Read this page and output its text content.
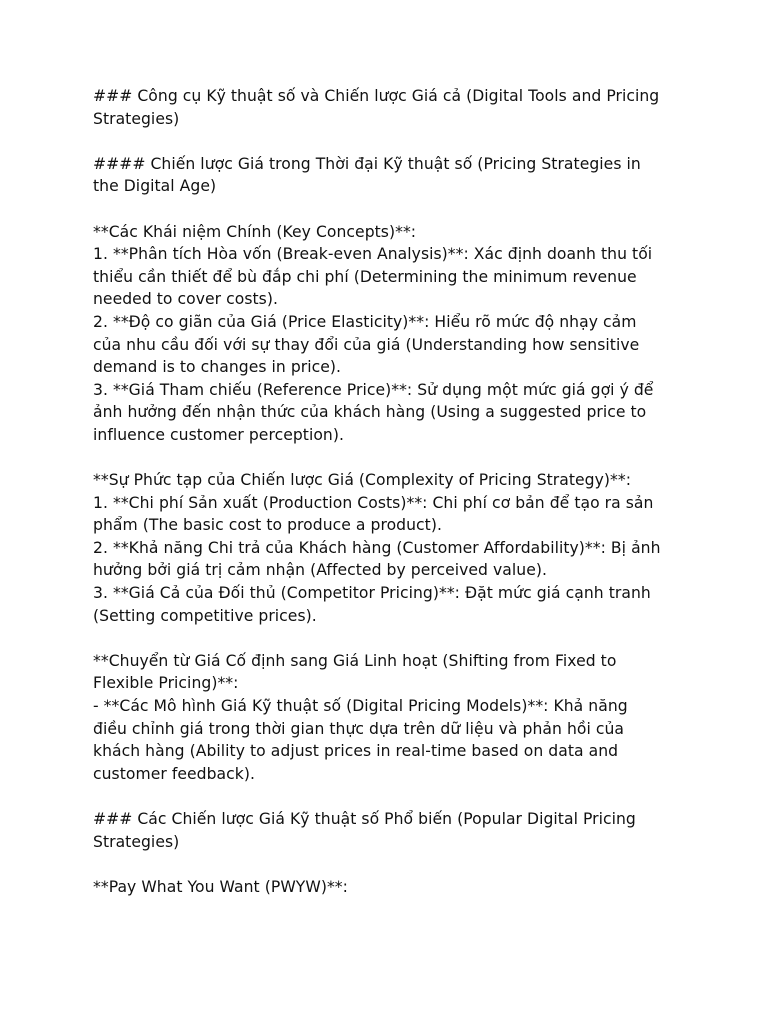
### Công cụ Kỹ thuật số và Chiến lược Giá cả (Digital Tools and Pricing
Strategies)
#### Chiến lược Giá trong Thời đại Kỹ thuật số (Pricing Strategies in
the Digital Age)
**Các Khái niệm Chính (Key Concepts)**:
1. **Phân tích Hòa vốn (Break-even Analysis)**: Xác định doanh thu tối
thiểu cần thiết để bù đắp chi phí (Determining the minimum revenue
needed to cover costs).
2. **Độ co giãn của Giá (Price Elasticity)**: Hiểu rõ mức độ nhạy cảm
của nhu cầu đối với sự thay đổi của giá (Understanding how sensitive
demand is to changes in price).
3. **Giá Tham chiếu (Reference Price)**: Sử dụng một mức giá gợi ý để
ảnh hưởng đến nhận thức của khách hàng (Using a suggested price to
influence customer perception).
**Sự Phức tạp của Chiến lược Giá (Complexity of Pricing Strategy)**:
1. **Chi phí Sản xuất (Production Costs)**: Chi phí cơ bản để tạo ra sản
phẩm (The basic cost to produce a product).
2. **Khả năng Chi trả của Khách hàng (Customer Affordability)**: Bị ảnh
hưởng bởi giá trị cảm nhận (Affected by perceived value).
3. **Giá Cả của Đối thủ (Competitor Pricing)**: Đặt mức giá cạnh tranh
(Setting competitive prices).
**Chuyển từ Giá Cố định sang Giá Linh hoạt (Shifting from Fixed to
Flexible Pricing)**:
- **Các Mô hình Giá Kỹ thuật số (Digital Pricing Models)**: Khả năng
điều chỉnh giá trong thời gian thực dựa trên dữ liệu và phản hồi của
khách hàng (Ability to adjust prices in real-time based on data and
customer feedback).
### Các Chiến lược Giá Kỹ thuật số Phổ biến (Popular Digital Pricing
Strategies)
**Pay What You Want (PWYW)**:
